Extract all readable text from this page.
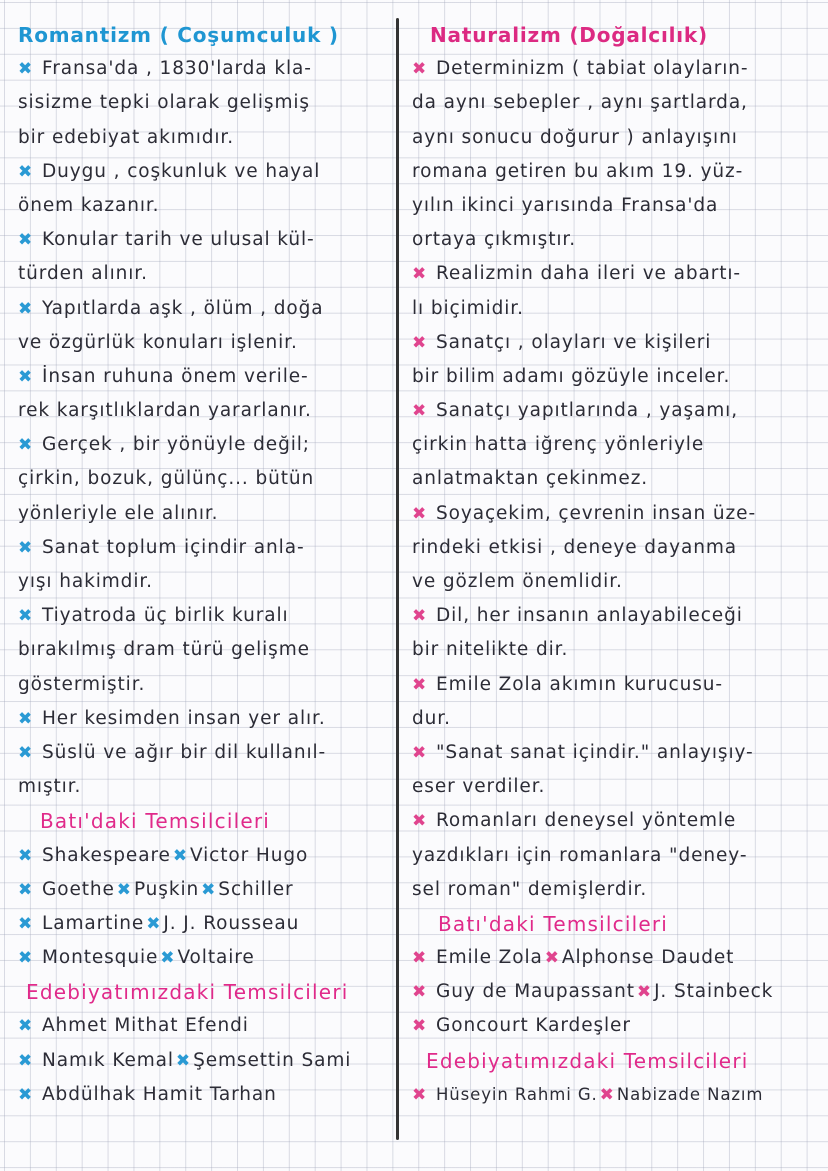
Romantizm ( Coşumculuk )
✖ Fransa'da , 1830'larda kla-
sisizme tepki olarak gelişmiş
bir edebiyat akımıdır.
✖ Duygu , coşkunluk ve hayal
önem kazanır.
✖ Konular tarih ve ulusal kül-
türden alınır.
✖ Yapıtlarda aşk , ölüm , doğa
ve özgürlük konuları işlenir.
✖ İnsan ruhuna önem verile-
rek karşıtlıklardan yararlanır.
✖ Gerçek , bir yönüyle değil;
çirkin, bozuk, gülünç... bütün
yönleriyle ele alınır.
✖ Sanat toplum içindir anla-
yışı hakimdir.
✖ Tiyatroda üç birlik kuralı
bırakılmış dram türü gelişme
göstermiştir.
✖ Her kesimden insan yer alır.
✖ Süslü ve ağır bir dil kullanıl-
mıştır.
Batı'daki Temsilcileri
✖ Shakespeare ✖ Victor Hugo
✖ Goethe ✖ Puşkin ✖ Schiller
✖ Lamartine ✖ J. J. Rousseau
✖ Montesquie ✖ Voltaire
Edebiyatımızdaki Temsilcileri
✖ Ahmet Mithat Efendi
✖ Namık Kemal ✖ Şemsettin Sami
✖ Abdülhak Hamit Tarhan
Naturalizm (Doğalcılık)
✖ Determinizm ( tabiat olayların-
da aynı sebepler , aynı şartlarda,
aynı sonucu doğurur ) anlayışını
romana getiren bu akım 19. yüz-
yılın ikinci yarısında Fransa'da
ortaya çıkmıştır.
✖ Realizmin daha ileri ve abartı-
lı biçimidir.
✖ Sanatçı , olayları ve kişileri
bir bilim adamı gözüyle inceler.
✖ Sanatçı yapıtlarında , yaşamı,
çirkin hatta iğrenç yönleriyle
anlatmaktan çekinmez.
✖ Soyaçekim, çevrenin insan üze-
rindeki etkisi , deneye dayanma
ve gözlem önemlidir.
✖ Dil, her insanın anlayabileceği
bir nitelikte dir.
✖ Emile Zola akımın kurucusu-
dur.
✖ "Sanat sanat içindir." anlayışıy-
eser verdiler.
✖ Romanları deneysel yöntemle
yazdıkları için romanlara "deney-
sel roman" demişlerdir.
Batı'daki Temsilcileri
✖ Emile Zola ✖ Alphonse Daudet
✖ Guy de Maupassant ✖ J. Stainbeck
✖ Goncourt Kardeşler
Edebiyatımızdaki Temsilcileri
✖ Hüseyin Rahmi G. ✖ Nabizade Nazım
